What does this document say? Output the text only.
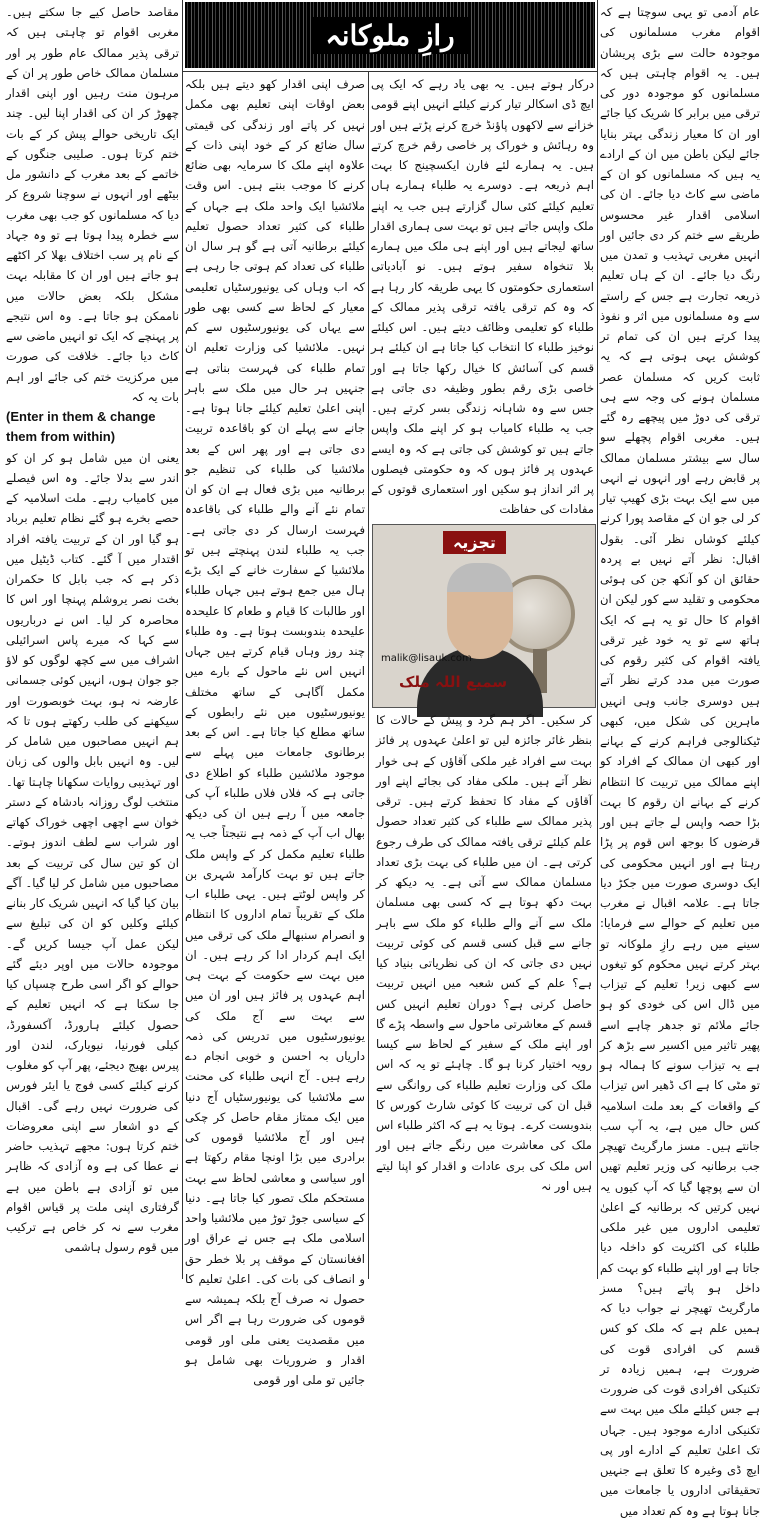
رازِ ملوکانہ

عام آدمی تو یہی سوچتا ہے کہ اقوام مغرب مسلمانوں کی موجودہ حالت سے بڑی پریشان ہیں۔ یہ اقوام چاہتی ہیں کہ مسلمانوں کو موجودہ دور کی ترقی میں برابر کا شریک کیا جائے اور ان کا معیار زندگی بہتر بنایا جائے لیکن باطن میں ان کے ارادے یہ ہیں کہ مسلمانوں کو ان کے ماضی سے کاٹ دیا جائے۔ ان کی اسلامی اقدار غیر محسوس طریقے سے ختم کر دی جائیں اور انہیں مغربی تہذیب و تمدن میں رنگ دیا جائے۔ ان کے ہاں تعلیم ذریعہ تجارت ہے جس کے راستے سے وہ مسلمانوں میں اثر و نفوذ پیدا کرتے ہیں ان کی تمام تر کوشش یہی ہوتی ہے کہ یہ ثابت کریں کہ مسلمان عصر مسلمان ہونے کی وجہ سے ہی ترقی کی دوڑ میں پیچھے رہ گئے ہیں۔ مغربی اقوام پچھلے سو سال سے بیشتر مسلمان ممالک پر قابض رہے اور انہوں نے انہی میں سے ایک بہت بڑی کھیپ تیار کر لی جو ان کے مقاصد پورا کرنے کیلئے کوشاں نظر آئی۔ بقول اقبال: نظر آتے نہیں بے پردہ حقائق ان کو آنکھ جن کی ہوئی محکومی و تقلید سے کور لیکن ان اقوام کا حال تو یہ ہے کہ ایک ہاتھ سے تو یہ خود غیر ترقی یافتہ اقوام کی کثیر رقوم کی صورت میں مدد کرتے نظر آتے ہیں دوسری جانب وہی انہیں ماہرین کی شکل میں، کبھی ٹیکنالوجی فراہم کرنے کے بہانے اور کبھی ان ممالک کے افراد کو اپنے ممالک میں تربیت کا انتظام کرنے کے بہانے ان رقوم کا بہت بڑا حصہ واپس لے جاتے ہیں اور قرضوں کا بوجھ اس قوم پر پڑا رہتا ہے اور انہیں محکومی کی ایک دوسری صورت میں جکڑ دیا جاتا ہے۔ علامہ اقبال نے مغرب میں تعلیم کے حوالے سے فرمایا: سینے میں رہے رازِ ملوکانہ تو بہتر کرتے نہیں محکوم کو تیغوں سے کبھی زیر! تعلیم کے تیزاب میں ڈال اس کی خودی کو ہو جائے ملائم تو جدھر چاہے اسے پھیر تاثیر میں اکسیر سے بڑھ کر ہے یہ تیزاب سونے کا ہمالہ ہو تو مٹی کا ہے اک ڈھیر اس تیزاب کے واقعات کے بعد ملت اسلامیہ کس حال میں ہے، یہ آپ سب جانتے ہیں۔ مسز مارگریٹ تھیچر جب برطانیہ کی وزیر تعلیم تھیں ان سے پوچھا گیا کہ آپ کیوں یہ نہیں کرتیں کہ برطانیہ کے اعلیٰ تعلیمی اداروں میں غیر ملکی طلباء کی اکثریت کو داخلہ دیا جاتا ہے اور اپنے طلباء کو بہت کم داخل ہو پاتے ہیں؟ مسز مارگریٹ تھیچر نے جواب دیا کہ ہمیں علم ہے کہ ملک کو کس قسم کی افرادی قوت کی ضرورت ہے، ہمیں زیادہ تر تکنیکی افرادی قوت کی ضرورت ہے جس کیلئے ملک میں بہت سے تکنیکی ادارے موجود ہیں۔ جہاں تک اعلیٰ تعلیم کے ادارے اور پی ایچ ڈی وغیرہ کا تعلق ہے جنہیں تحقیقاتی اداروں یا جامعات میں جانا ہوتا ہے وہ کم تعداد میں

درکار ہوتے ہیں۔ یہ بھی یاد رہے کہ ایک پی ایچ ڈی اسکالر تیار کرنے کیلئے انہیں اپنے قومی خزانے سے لاکھوں پاؤنڈ خرچ کرنے پڑتے ہیں اور وہ رہائش و خوراک پر خاصی رقم خرچ کرتے ہیں۔ یہ ہمارے لئے فارن ایکسچینج کا بہت اہم ذریعہ ہے۔ دوسرے یہ طلباء ہمارے ہاں تعلیم کیلئے کئی سال گزارتے ہیں جب یہ اپنے ملک واپس جاتے ہیں تو بہت سی ہماری اقدار ساتھ لیجاتے ہیں اور اپنے ہی ملک میں ہمارے بلا تنخواہ سفیر ہوتے ہیں۔ نو آبادیاتی استعماری حکومتوں کا یہی طریقہ کار رہا ہے کہ وہ کم ترقی یافتہ ترقی پذیر ممالک کے طلباء کو تعلیمی وظائف دیتے ہیں۔ اس کیلئے نوخیز طلباء کا انتخاب کیا جاتا ہے ان کیلئے ہر قسم کی آسائش کا خیال رکھا جاتا ہے اور خاصی بڑی رقم بطور وظیفہ دی جاتی ہے جس سے وہ شاہانہ زندگی بسر کرتے ہیں۔ جب یہ طلباء کامیاب ہو کر اپنے ملک واپس جاتے ہیں تو کوشش کی جاتی ہے کہ وہ ایسے عہدوں پر فائز ہوں کہ وہ حکومتی فیصلوں پر اثر انداز ہو سکیں اور استعماری قوتوں کے مفادات کی حفاظت

تجزیہ
malik@lisauk.com
سمیع اللہ ملک

کر سکیں۔ اگر ہم گرد و پیش کے حالات کا بنظر غائر جائزہ لیں تو اعلیٰ عہدوں پر فائز بہت سے افراد غیر ملکی آقاؤں کے ہی خوار نظر آتے ہیں۔ ملکی مفاد کی بجائے اپنے اور آقاؤں کے مفاد کا تحفظ کرتے ہیں۔ ترقی پذیر ممالک سے طلباء کی کثیر تعداد حصول علم کیلئے ترقی یافتہ ممالک کی طرف رجوع کرتی ہے۔ ان میں طلباء کی بہت بڑی تعداد مسلمان ممالک سے آتی ہے۔ یہ دیکھ کر بہت دکھ ہوتا ہے کہ کسی بھی مسلمان ملک سے آنے والے طلباء کو ملک سے باہر جانے سے قبل کسی قسم کی کوئی تربیت نہیں دی جاتی کہ ان کی نظریاتی بنیاد کیا ہے؟ علم کے کس شعبہ میں انہیں تربیت حاصل کرنی ہے؟ دوران تعلیم انہیں کس قسم کے معاشرتی ماحول سے واسطہ پڑے گا اور اپنے ملک کے سفیر کے لحاظ سے کیسا رویہ اختیار کرنا ہو گا۔ چاہئے تو یہ کہ اس ملک کی وزارت تعلیم طلباء کی روانگی سے قبل ان کی تربیت کا کوئی شارٹ کورس کا بندوبست کرے۔ ہوتا یہ ہے کہ اکثر طلباء اس ملک کی معاشرت میں رنگے جاتے ہیں اور اس ملک کی بری عادات و اقدار کو اپنا لیتے ہیں اور نہ

صرف اپنی اقدار کھو دیتے ہیں بلکہ بعض اوقات اپنی تعلیم بھی مکمل نہیں کر پاتے اور زندگی کی قیمتی سال ضائع کر کے خود اپنی ذات کے علاوہ اپنے ملک کا سرمایہ بھی ضائع کرنے کا موجب بنتے ہیں۔ اس وقت ملائشیا ایک واحد ملک ہے جہاں کے طلباء کی کثیر تعداد حصول تعلیم کیلئے برطانیہ آتی ہے گو ہر سال ان طلباء کی تعداد کم ہوتی جا رہی ہے کہ اب وہاں کی یونیورسٹیاں تعلیمی معیار کے لحاظ سے کسی بھی طور سے یہاں کی یونیورسٹیوں سے کم نہیں۔ ملائشیا کی وزارت تعلیم ان تمام طلباء کی فہرست بناتی ہے جنہیں ہر حال میں ملک سے باہر اپنی اعلیٰ تعلیم کیلئے جانا ہوتا ہے۔ جانے سے پہلے ان کو باقاعدہ تربیت دی جاتی ہے اور پھر اس کے بعد ملائشیا کی طلباء کی تنظیم جو برطانیہ میں بڑی فعال ہے ان کو ان تمام نئے آنے والے طلباء کی باقاعدہ فہرست ارسال کر دی جاتی ہے۔ جب یہ طلباء لندن پہنچتے ہیں تو ملائشیا کے سفارت خانے کے ایک بڑے ہال میں جمع ہوتے ہیں جہاں طلباء اور طالبات کا قیام و طعام کا علیحدہ علیحدہ بندوبست ہوتا ہے۔ وہ طلباء چند روز وہاں قیام کرتے ہیں جہاں انہیں اس نئے ماحول کے بارے میں مکمل آگاہی کے ساتھ مختلف یونیورسٹیوں میں نئے رابطوں کے ساتھ مطلع کیا جاتا ہے۔ اس کے بعد برطانوی جامعات میں پہلے سے موجود ملائشین طلباء کو اطلاع دی جاتی ہے کہ فلاں فلاں طلباء آپ کی جامعہ میں آ رہے ہیں ان کی دیکھ بھال اب آپ کے ذمہ ہے نتیجتاً جب یہ طلباء تعلیم مکمل کر کے واپس ملک جاتے ہیں تو بہت کارآمد شہری بن کر واپس لوٹتے ہیں۔ یہی طلباء اب ملک کے تقریباً تمام اداروں کا انتظام و انصرام سنبھالے ملک کی ترقی میں ایک اہم کردار ادا کر رہے ہیں۔ ان میں بہت سے حکومت کے بہت ہی اہم عہدوں پر فائز ہیں اور ان میں سے بہت سے آج ملک کی یونیورسٹیوں میں تدریس کی ذمہ داریاں بہ احسن و خوبی انجام دے رہے ہیں۔ آج انہی طلباء کی محنت سے ملائشیا کی یونیورسٹیاں آج دنیا میں ایک ممتاز مقام حاصل کر چکی ہیں اور آج ملائشیا قوموں کی برادری میں بڑا اونچا مقام رکھتا ہے اور سیاسی و معاشی لحاظ سے بہت مستحکم ملک تصور کیا جاتا ہے۔ دنیا کے سیاسی جوڑ توڑ میں ملائشیا واحد اسلامی ملک ہے جس نے عراق اور افغانستان کے موقف پر بلا خطر حق و انصاف کی بات کی۔ اعلیٰ تعلیم کا حصول نہ صرف آج بلکہ ہمیشہ سے قوموں کی ضرورت رہا ہے اگر اس میں مقصدیت یعنی ملی اور قومی اقدار و ضروریات بھی شامل ہو جائیں تو ملی اور قومی

مقاصد حاصل کیے جا سکتے ہیں۔ مغربی اقوام تو چاہتی ہیں کہ ترقی پذیر ممالک عام طور پر اور مسلمان ممالک خاص طور پر ان کے مرہون منت رہیں اور اپنی اقدار چھوڑ کر ان کی اقدار اپنا لیں۔ چند ایک تاریخی حوالے پیش کر کے بات ختم کرتا ہوں۔ صلیبی جنگوں کے خاتمے کے بعد مغرب کے دانشور مل بیٹھے اور انہوں نے سوچنا شروع کر دیا کہ مسلمانوں کو جب بھی مغرب سے خطرہ پیدا ہوتا ہے تو وہ جہاد کے نام پر سب اختلاف بھلا کر اکٹھے ہو جاتے ہیں اور ان کا مقابلہ بہت مشکل بلکہ بعض حالات میں ناممکن ہو جاتا ہے۔ وہ اس نتیجے پر پہنچے کہ ایک تو انہیں ماضی سے کاٹ دیا جائے۔ خلافت کی صورت میں مرکزیت ختم کی جائے اور اہم بات یہ کہ

(Enter in them & change them from within)

یعنی ان میں شامل ہو کر ان کو اندر سے بدلا جائے۔ وہ اس فیصلے میں کامیاب رہے۔ ملت اسلامیہ کے حصے بخرے ہو گئے نظام تعلیم برباد ہو گیا اور ان کے تربیت یافتہ افراد اقتدار میں آ گئے۔ کتاب ڈیٹیل میں ذکر ہے کہ جب بابل کا حکمران بخت نصر یروشلم پہنچا اور اس کا محاصرہ کر لیا۔ اس نے درباریوں سے کہا کہ میرے پاس اسرائیلی اشراف میں سے کچھ لوگوں کو لاؤ جو جوان ہوں، انہیں کوئی جسمانی عارضہ نہ ہو، بہت خوبصورت اور سیکھنے کی طلب رکھتے ہوں تا کہ ہم انہیں مصاحبوں میں شامل کر لیں۔ وہ انہیں بابل والوں کی زبان اور تہذیبی روایات سکھانا چاہتا تھا۔ منتخب لوگ روزانہ بادشاہ کے دستر خوان سے اچھی اچھی خوراک کھاتے اور شراب سے لطف اندوز ہوتے۔ ان کو تین سال کی تربیت کے بعد مصاحبوں میں شامل کر لیا گیا۔ آگے بیان کیا گیا کہ انہیں شریک کار بنانے کیلئے وکلیں کو ان کی تبلیغ سے لیکن عمل آپ جیسا کریں گے۔ موجودہ حالات میں اوپر دیئے گئے حوالے کو اگر اسی طرح چسپاں کیا جا سکتا ہے کہ انہیں تعلیم کے حصول کیلئے ہارورڈ، آکسفورڈ، کیلی فورنیا، نیویارک، لندن اور پیرس بھیج دیجئے، پھر آپ کو مغلوب کرنے کیلئے کسی فوج یا ایئر فورس کی ضرورت نہیں رہے گی۔ اقبال کے دو اشعار سے اپنی معروضات ختم کرتا ہوں: مجھے تہذیب حاضر نے عطا کی ہے وہ آزادی کہ ظاہر میں تو آزادی ہے باطن میں ہے گرفتاری اپنی ملت پر قیاس اقوام مغرب سے نہ کر خاص ہے ترکیب میں قوم رسول ہاشمی
